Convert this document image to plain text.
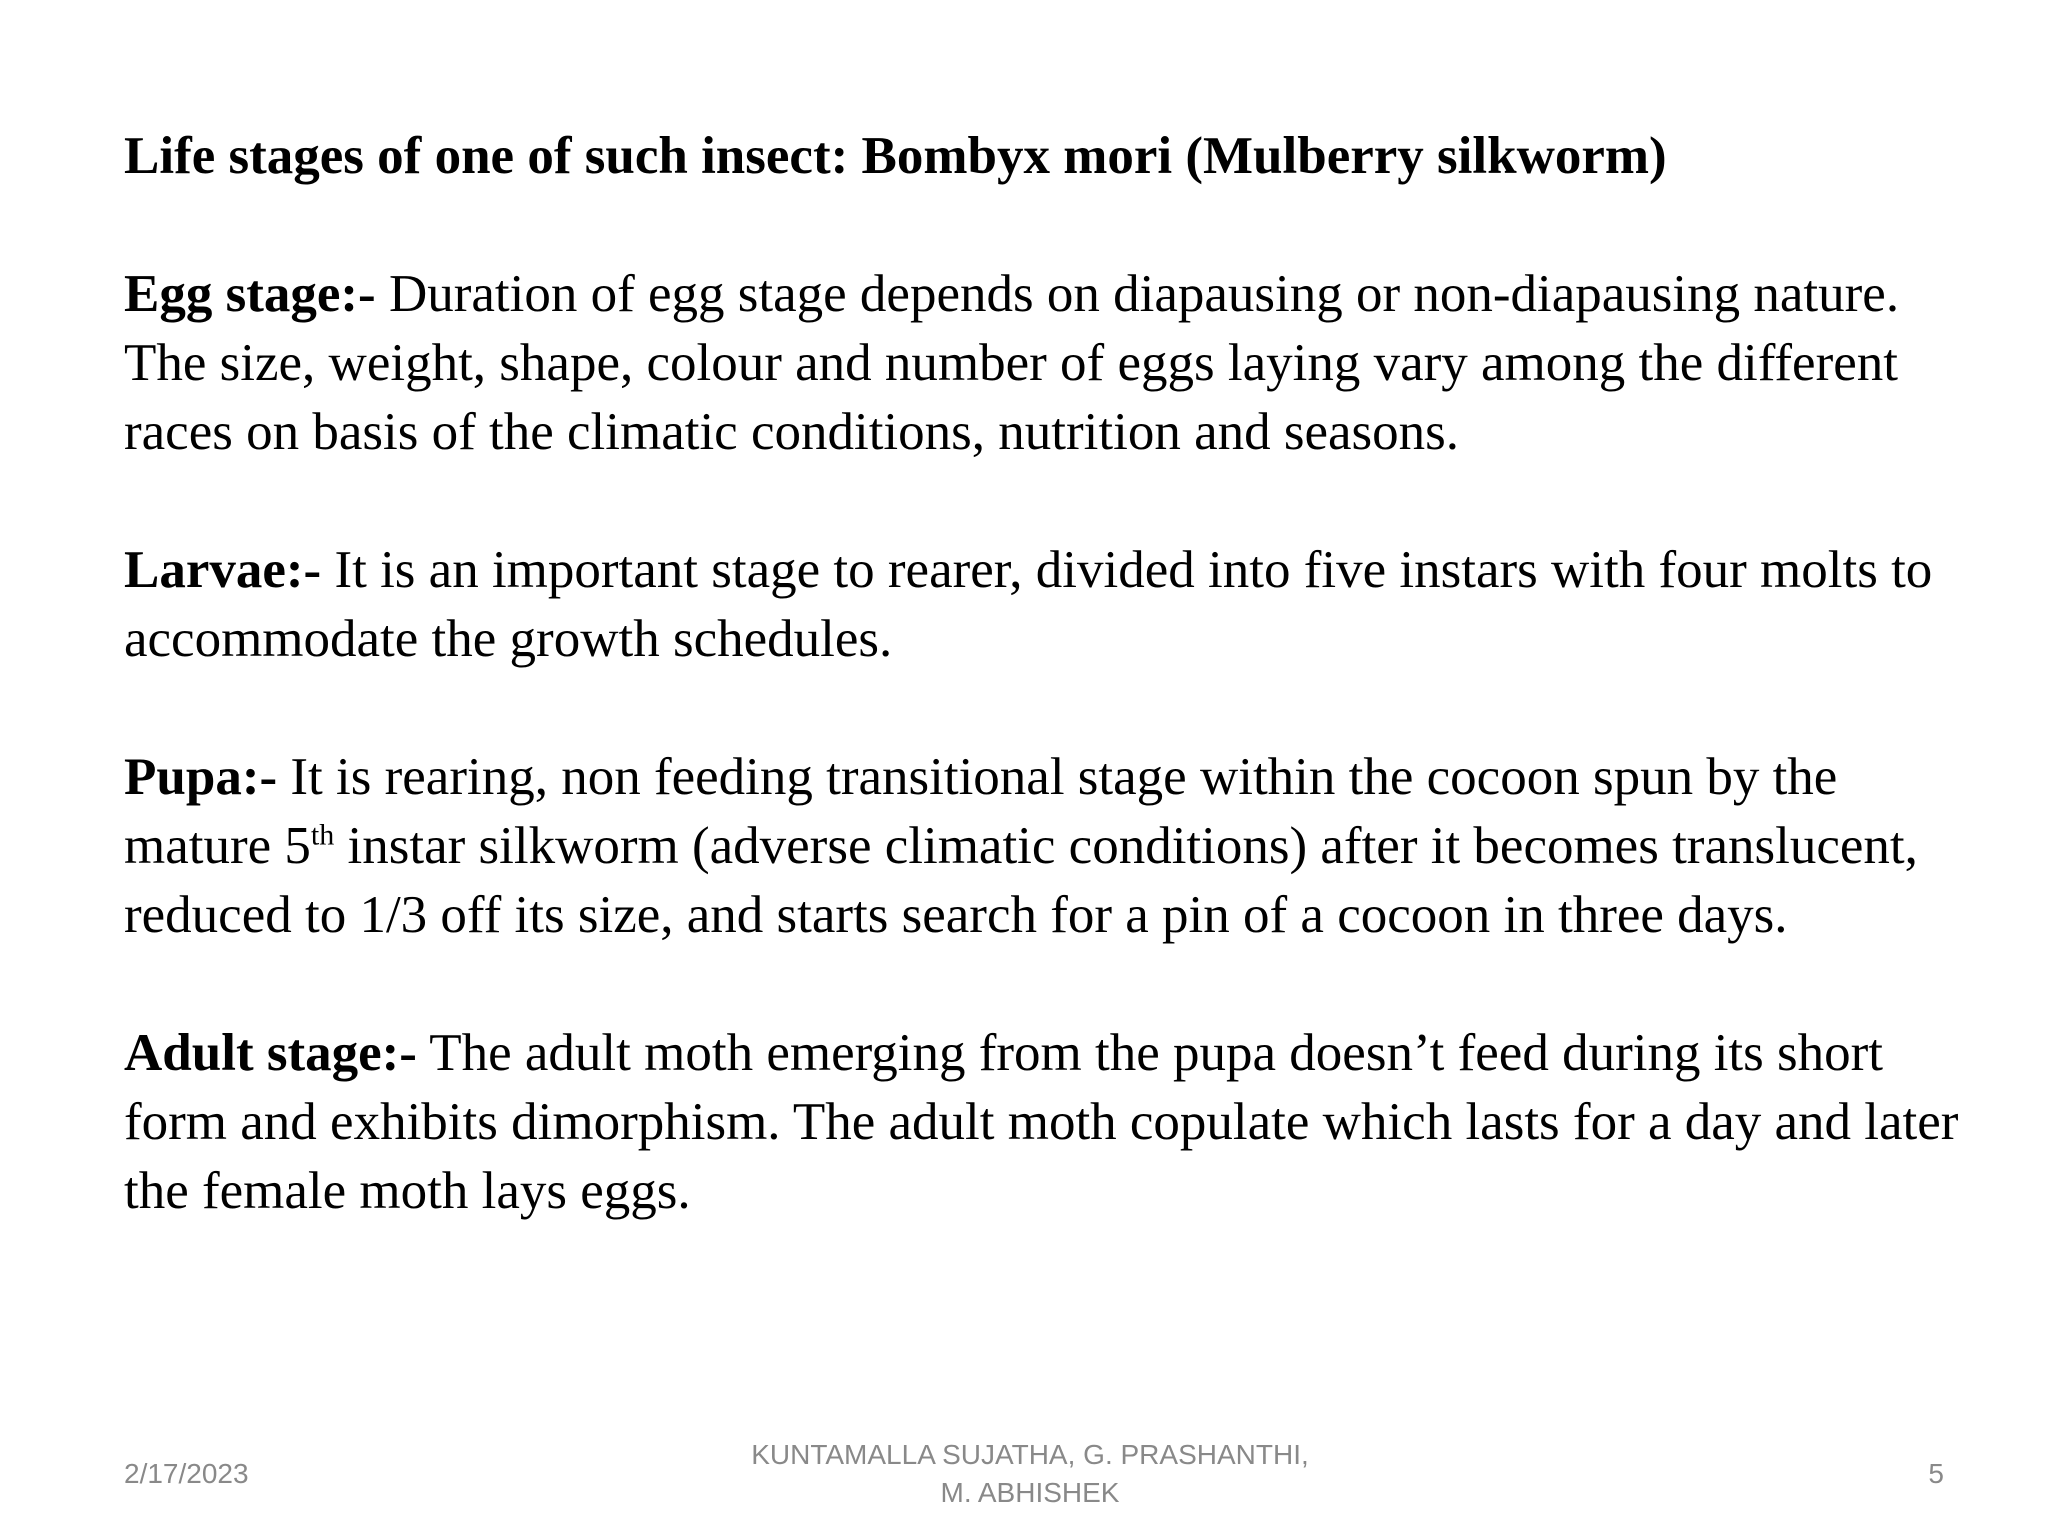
Life stages of one of such insect: Bombyx mori (Mulberry silkworm)

Egg stage:- Duration of egg stage depends on diapausing or non-diapausing nature. The size, weight, shape, colour and number of eggs laying vary among the different races on basis of the climatic conditions, nutrition and seasons.

Larvae:- It is an important stage to rearer, divided into five instars with four molts to accommodate the growth schedules.

Pupa:- It is rearing, non feeding transitional stage within the cocoon spun by the mature 5th instar silkworm (adverse climatic conditions) after it becomes translucent, reduced to 1/3 off its size, and starts search for a pin of a cocoon in three days.

Adult stage:- The adult moth emerging from the pupa doesn’t feed during its short form and exhibits dimorphism. The adult moth copulate which lasts for a day and later the female moth lays eggs.

2/17/2023
KUNTAMALLA SUJATHA, G. PRASHANTHI,
M. ABHISHEK
5
